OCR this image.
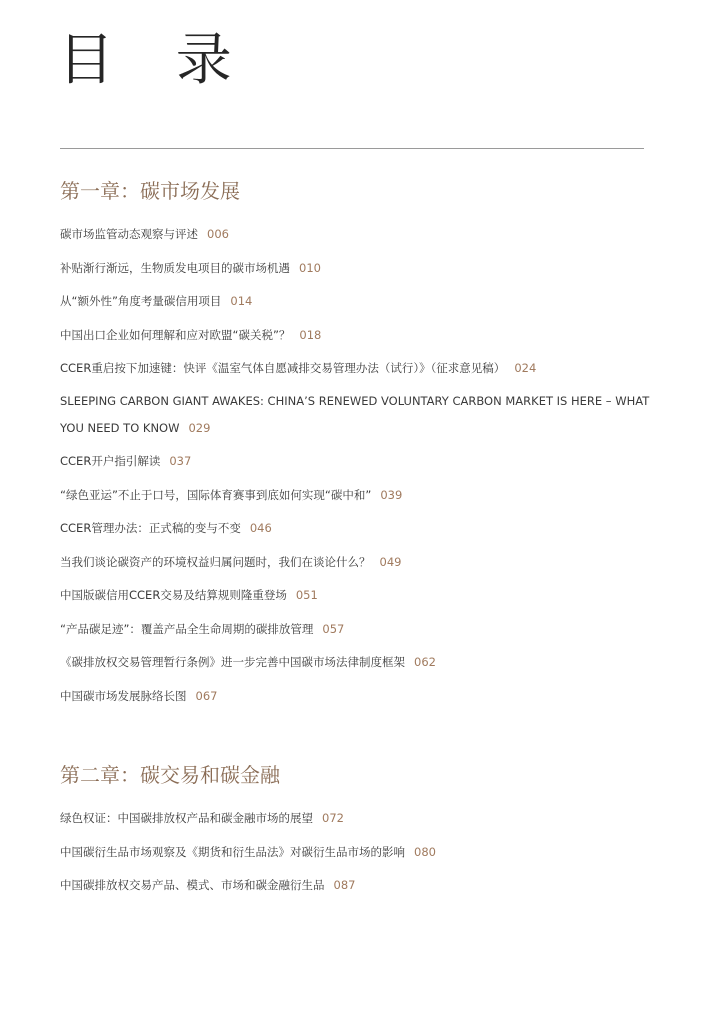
目 录
第一章：碳市场发展
碳市场监管动态观察与评述 006
补贴渐行渐远，生物质发电项目的碳市场机遇 010
从“额外性”角度考量碳信用项目 014
中国出口企业如何理解和应对欧盟“碳关税”？ 018
CCER重启按下加速键：快评《温室气体自愿减排交易管理办法（试行）》（征求意见稿） 024
SLEEPING CARBON GIANT AWAKES: CHINA’S RENEWED VOLUNTARY CARBON MARKET IS HERE – WHAT YOU NEED TO KNOW 029
CCER开户指引解读 037
“绿色亚运”不止于口号，国际体育赛事到底如何实现“碳中和” 039
CCER管理办法：正式稿的变与不变 046
当我们谈论碳资产的环境权益归属问题时，我们在谈论什么？ 049
中国版碳信用CCER交易及结算规则隆重登场 051
“产品碳足迹”：覆盖产品全生命周期的碳排放管理 057
《碳排放权交易管理暂行条例》进一步完善中国碳市场法律制度框架 062
中国碳市场发展脉络长图 067
第二章：碳交易和碳金融
绿色权证：中国碳排放权产品和碳金融市场的展望 072
中国碳衍生品市场观察及《期货和衍生品法》对碳衍生品市场的影响 080
中国碳排放权交易产品、模式、市场和碳金融衍生品 087
